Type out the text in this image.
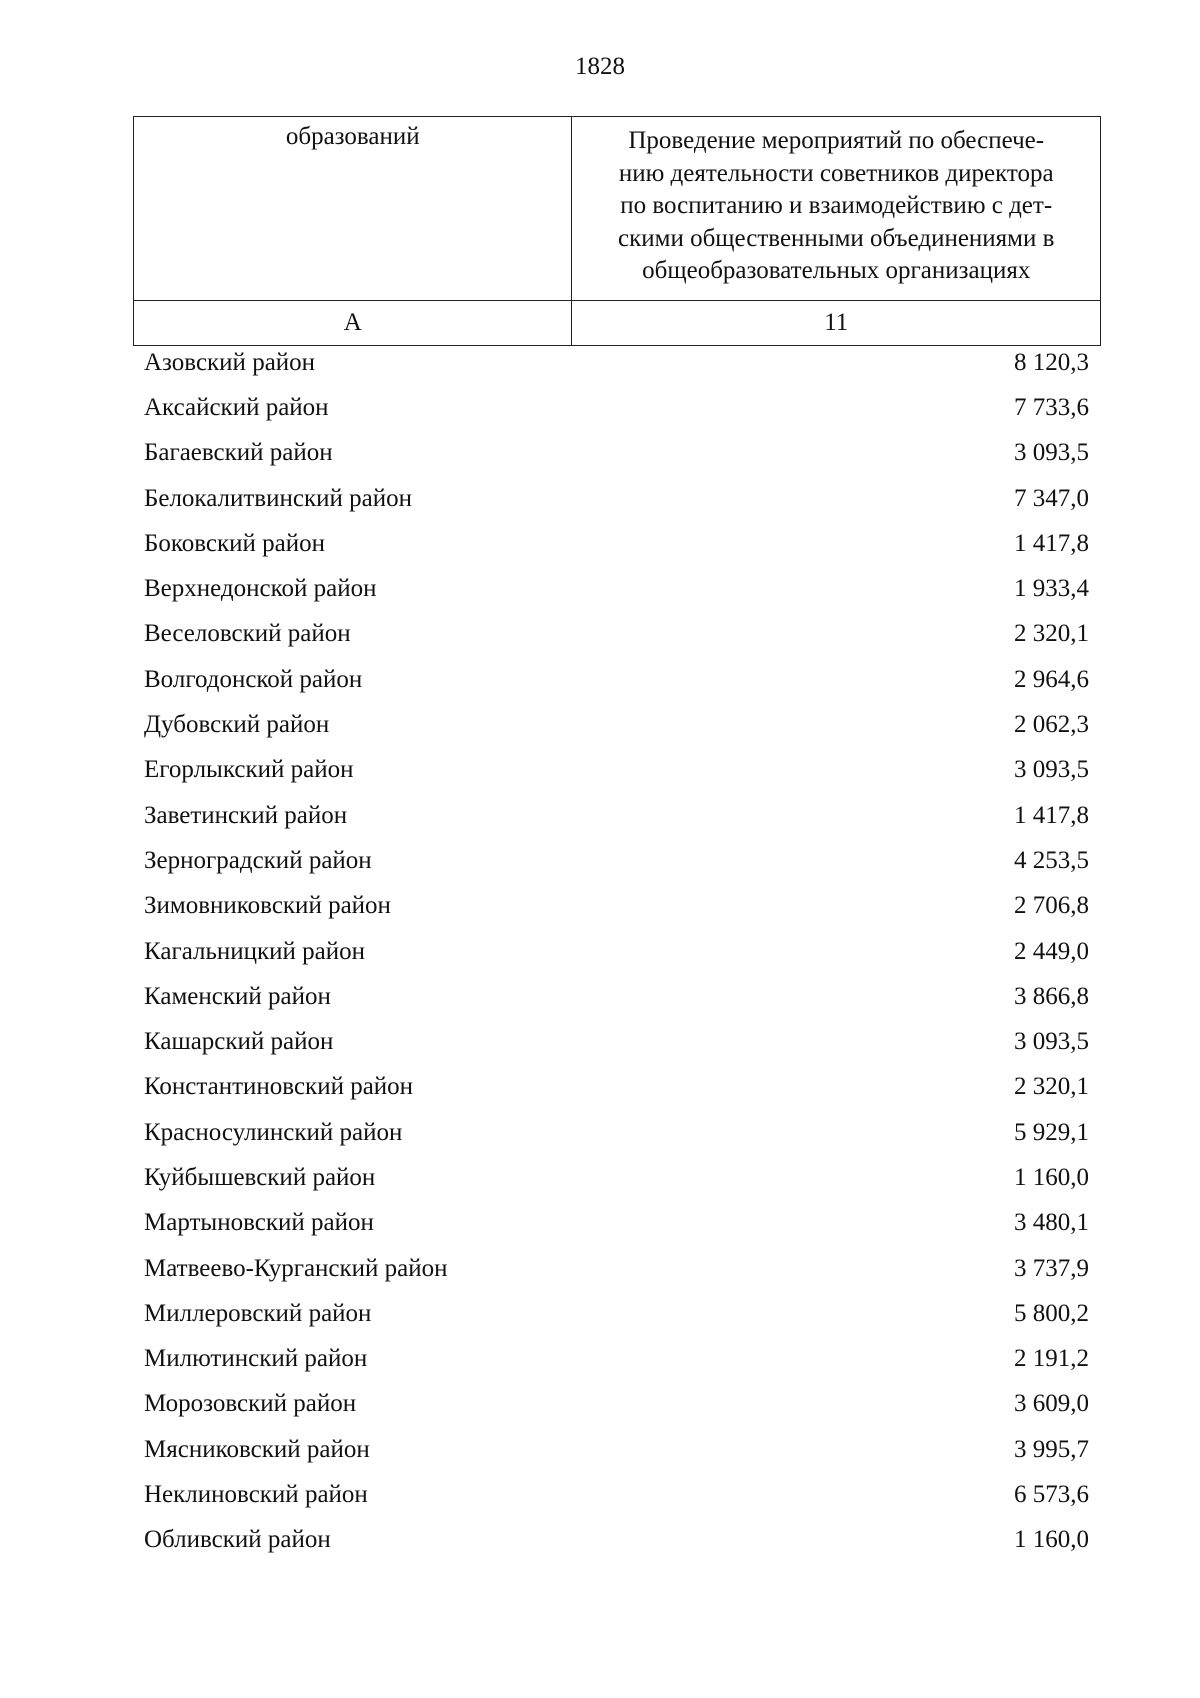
1828
образований	Проведение мероприятий по обеспече-
нию деятельности советников директора
по воспитанию и взаимодействию с дет-
скими общественными объединениями в
общеобразовательных организациях
А	11
Азовский район	8 120,3
Аксайский район	7 733,6
Багаевский район	3 093,5
Белокалитвинский район	7 347,0
Боковский район	1 417,8
Верхнедонской район	1 933,4
Веселовский район	2 320,1
Волгодонской район	2 964,6
Дубовский район	2 062,3
Егорлыкский район	3 093,5
Заветинский район	1 417,8
Зерноградский район	4 253,5
Зимовниковский район	2 706,8
Кагальницкий район	2 449,0
Каменский район	3 866,8
Кашарский район	3 093,5
Константиновский район	2 320,1
Красносулинский район	5 929,1
Куйбышевский район	1 160,0
Мартыновский район	3 480,1
Матвеево-Курганский район	3 737,9
Миллеровский район	5 800,2
Милютинский район	2 191,2
Морозовский район	3 609,0
Мясниковский район	3 995,7
Неклиновский район	6 573,6
Обливский район	1 160,0
